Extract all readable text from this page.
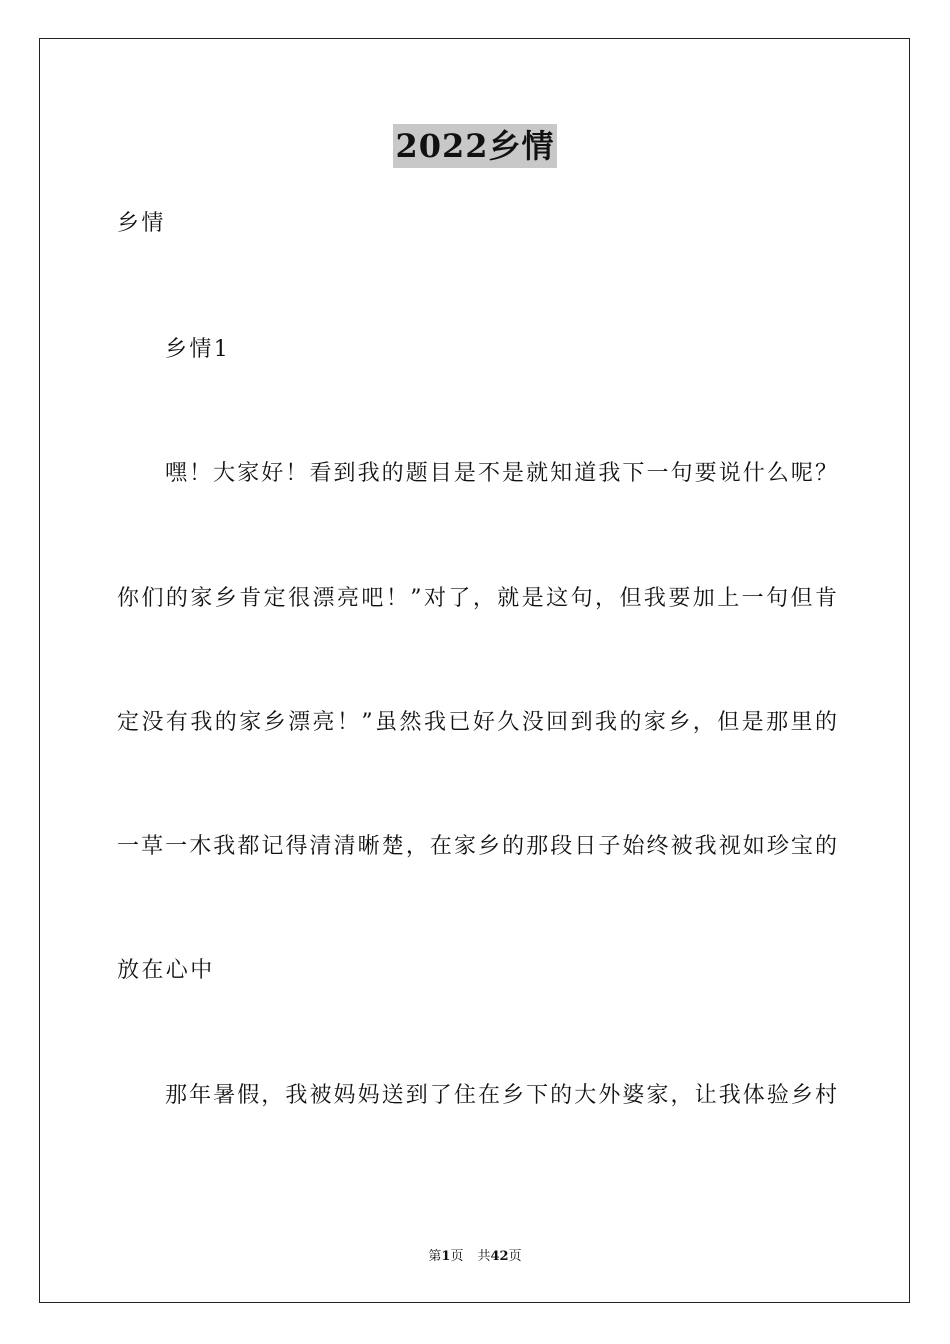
2022乡情
乡情
乡情1
嘿！大家好！看到我的题目是不是就知道我下一句要说什么呢？
你们的家乡肯定很漂亮吧！”对了，就是这句，但我要加上一句但肯
定没有我的家乡漂亮！”虽然我已好久没回到我的家乡，但是那里的
一草一木我都记得清清晰楚，在家乡的那段日子始终被我视如珍宝的
放在心中
那年暑假，我被妈妈送到了住在乡下的大外婆家，让我体验乡村
第1页 共42页
